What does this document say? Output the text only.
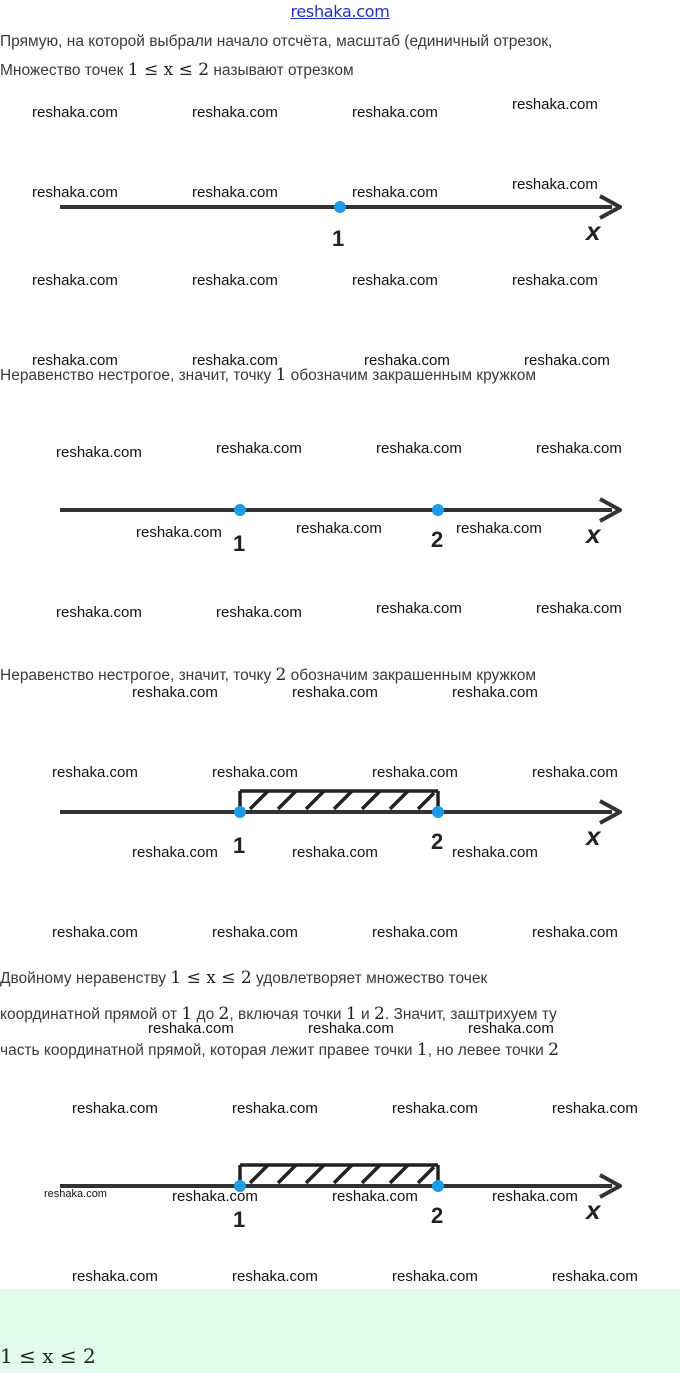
reshaka.com
Прямую, на которой выбрали начало отсчёта, масштаб (единичный отрезок,
Множество точек 1 ≤ x ≤ 2 называют отрезком
1	x
Неравенство нестрогое, значит, точку 1 обозначим закрашенным кружком
1	2	x
Неравенство нестрогое, значит, точку 2 обозначим закрашенным кружком
1	2	x
Двойному неравенству 1 ≤ x ≤ 2 удовлетворяет множество точек
координатной прямой от 1 до 2, включая точки 1 и 2. Значит, заштрихуем ту
часть координатной прямой, которая лежит правее точки 1, но левее точки 2
1	2	x
reshaka.com	reshaka.com	reshaka.com	reshaka.com
reshaka.com	reshaka.com	reshaka.com	reshaka.com
reshaka.com	reshaka.com	reshaka.com	reshaka.com
reshaka.com	reshaka.com	reshaka.com	reshaka.com
reshaka.com	reshaka.com	reshaka.com	reshaka.com
reshaka.com	reshaka.com	reshaka.com
reshaka.com	reshaka.com	reshaka.com	reshaka.com
reshaka.com	reshaka.com	reshaka.com
reshaka.com	reshaka.com	reshaka.com	reshaka.com
reshaka.com	reshaka.com	reshaka.com
reshaka.com	reshaka.com	reshaka.com	reshaka.com
reshaka.com	reshaka.com	reshaka.com
reshaka.com	reshaka.com	reshaka.com	reshaka.com
reshaka.com	reshaka.com	reshaka.com	reshaka.com
reshaka.com	reshaka.com	reshaka.com	reshaka.com
1 ≤ x ≤ 2
